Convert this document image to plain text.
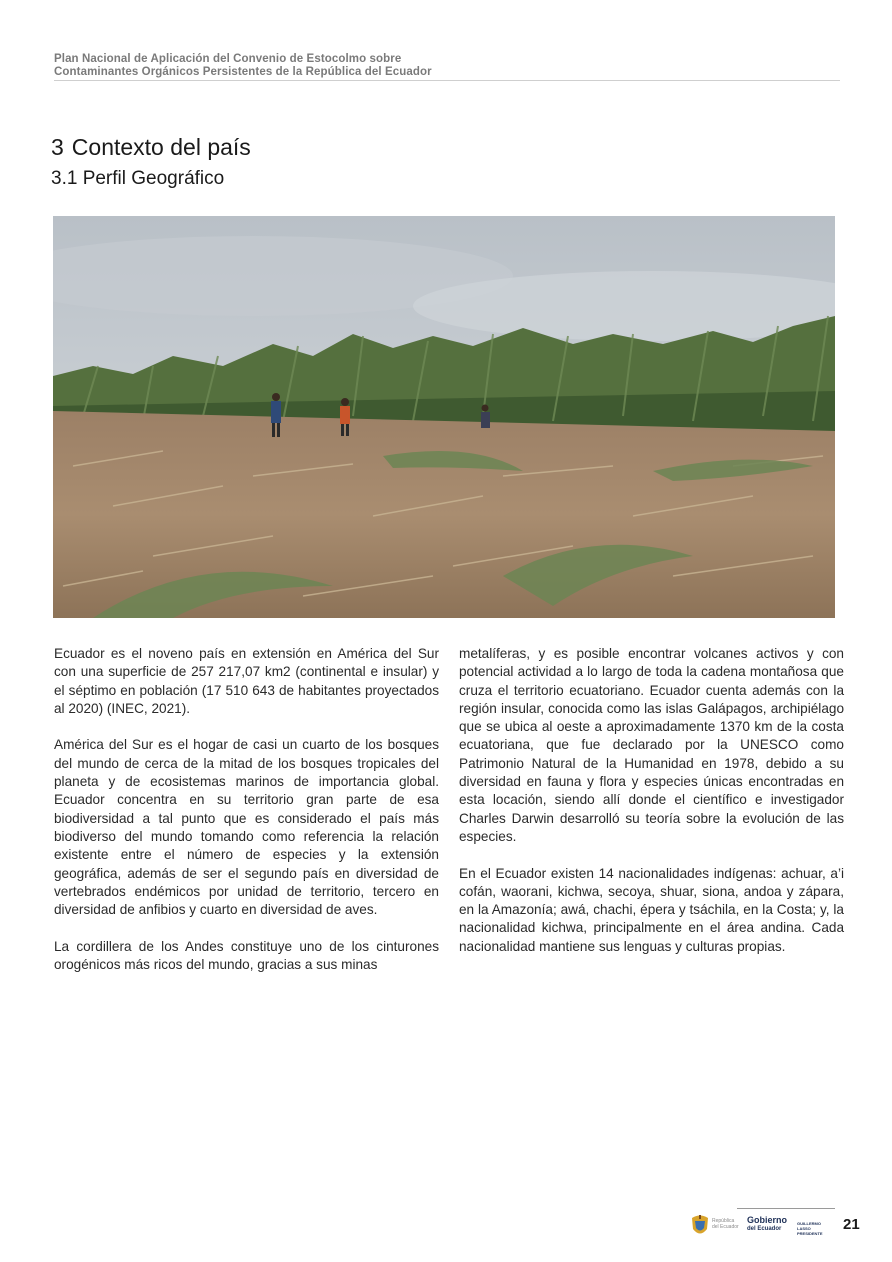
Plan Nacional de Aplicación del Convenio de Estocolmo sobre
Contaminantes Orgánicos Persistentes de la República del Ecuador
3 Contexto del país
3.1 Perfil Geográfico

Ecuador es el noveno país en extensión en América del Sur con una superficie de 257 217,07 km2 (continental e insular) y el séptimo en población (17 510 643 de habitantes proyectados al 2020) (INEC, 2021).

América del Sur es el hogar de casi un cuarto de los bosques del mundo de cerca de la mitad de los bosques tropicales del planeta y de ecosistemas marinos de importancia global. Ecuador concentra en su territorio gran parte de esa biodiversidad a tal punto que es considerado el país más biodiverso del mundo tomando como referencia la relación existente entre el número de especies y la extensión geográfica, además de ser el segundo país en diversidad de vertebrados endémicos por unidad de territorio, tercero en diversidad de anfibios y cuarto en diversidad de aves.

La cordillera de los Andes constituye uno de los cinturones orogénicos más ricos del mundo, gracias a sus minas

metalíferas, y es posible encontrar volcanes activos y con potencial actividad a lo largo de toda la cadena montañosa que cruza el territorio ecuatoriano. Ecuador cuenta además con la región insular, conocida como las islas Galápagos, archipiélago que se ubica al oeste a aproximadamente 1370 km de la costa ecuatoriana, que fue declarado por la UNESCO como Patrimonio Natural de la Humanidad en 1978, debido a su diversidad en fauna y flora y especies únicas encontradas en esta locación, siendo allí donde el científico e investigador Charles Darwin desarrolló su teoría sobre la evolución de las especies.

En el Ecuador existen 14 nacionalidades indígenas: achuar, a’i cofán, waorani, kichwa, secoya, shuar, siona, andoa y zápara, en la Amazonía; awá, chachi, épera y tsáchila, en la Costa; y, la nacionalidad kichwa, principalmente en el área andina. Cada nacionalidad mantiene sus lenguas y culturas propias.

República del Ecuador
Gobierno
del Ecuador
GUILLERMO LASSO PRESIDENTE
21
